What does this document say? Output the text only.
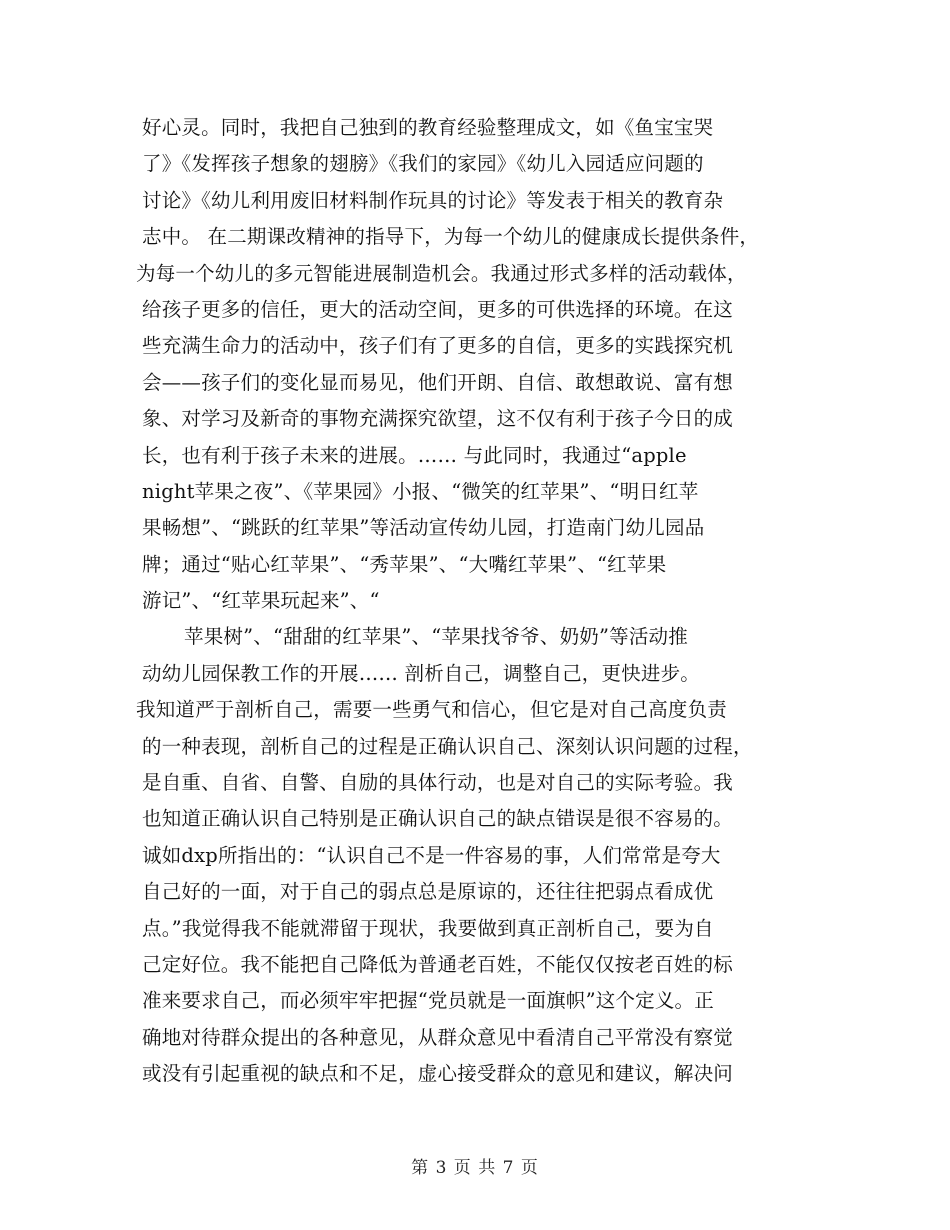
好心灵。同时，我把自己独到的教育经验整理成文，如《鱼宝宝哭
了》《发挥孩子想象的翅膀》《我们的家园》《幼儿入园适应问题的
讨论》《幼儿利用废旧材料制作玩具的讨论》等发表于相关的教育杂
志中。 在二期课改精神的指导下，为每一个幼儿的健康成长提供条件，
为每一个幼儿的多元智能进展制造机会。我通过形式多样的活动载体，
给孩子更多的信任，更大的活动空间，更多的可供选择的环境。在这
些充满生命力的活动中，孩子们有了更多的自信，更多的实践探究机
会——孩子们的变化显而易见，他们开朗、自信、敢想敢说、富有想
象、对学习及新奇的事物充满探究欲望，这不仅有利于孩子今日的成
长，也有利于孩子未来的进展。…… 与此同时，我通过“apple
night苹果之夜”、《苹果园》小报、“微笑的红苹果”、“明日红苹
果畅想”、“跳跃的红苹果”等活动宣传幼儿园，打造南门幼儿园品
牌；通过“贴心红苹果”、“秀苹果”、“大嘴红苹果”、“红苹果
游记”、“红苹果玩起来”、“
苹果树”、“甜甜的红苹果”、“苹果找爷爷、奶奶”等活动推
动幼儿园保教工作的开展…… 剖析自己，调整自己，更快进步。
我知道严于剖析自己，需要一些勇气和信心，但它是对自己高度负责
的一种表现，剖析自己的过程是正确认识自己、深刻认识问题的过程，
是自重、自省、自警、自励的具体行动，也是对自己的实际考验。我
也知道正确认识自己特别是正确认识自己的缺点错误是很不容易的。
诚如dxp所指出的：“认识自己不是一件容易的事，人们常常是夸大
自己好的一面，对于自己的弱点总是原谅的，还往往把弱点看成优
点。”我觉得我不能就滞留于现状，我要做到真正剖析自己，要为自
己定好位。我不能把自己降低为普通老百姓，不能仅仅按老百姓的标
准来要求自己，而必须牢牢把握“党员就是一面旗帜”这个定义。正
确地对待群众提出的各种意见，从群众意见中看清自己平常没有察觉
或没有引起重视的缺点和不足，虚心接受群众的意见和建议，解决问
第 3 页 共 7 页
